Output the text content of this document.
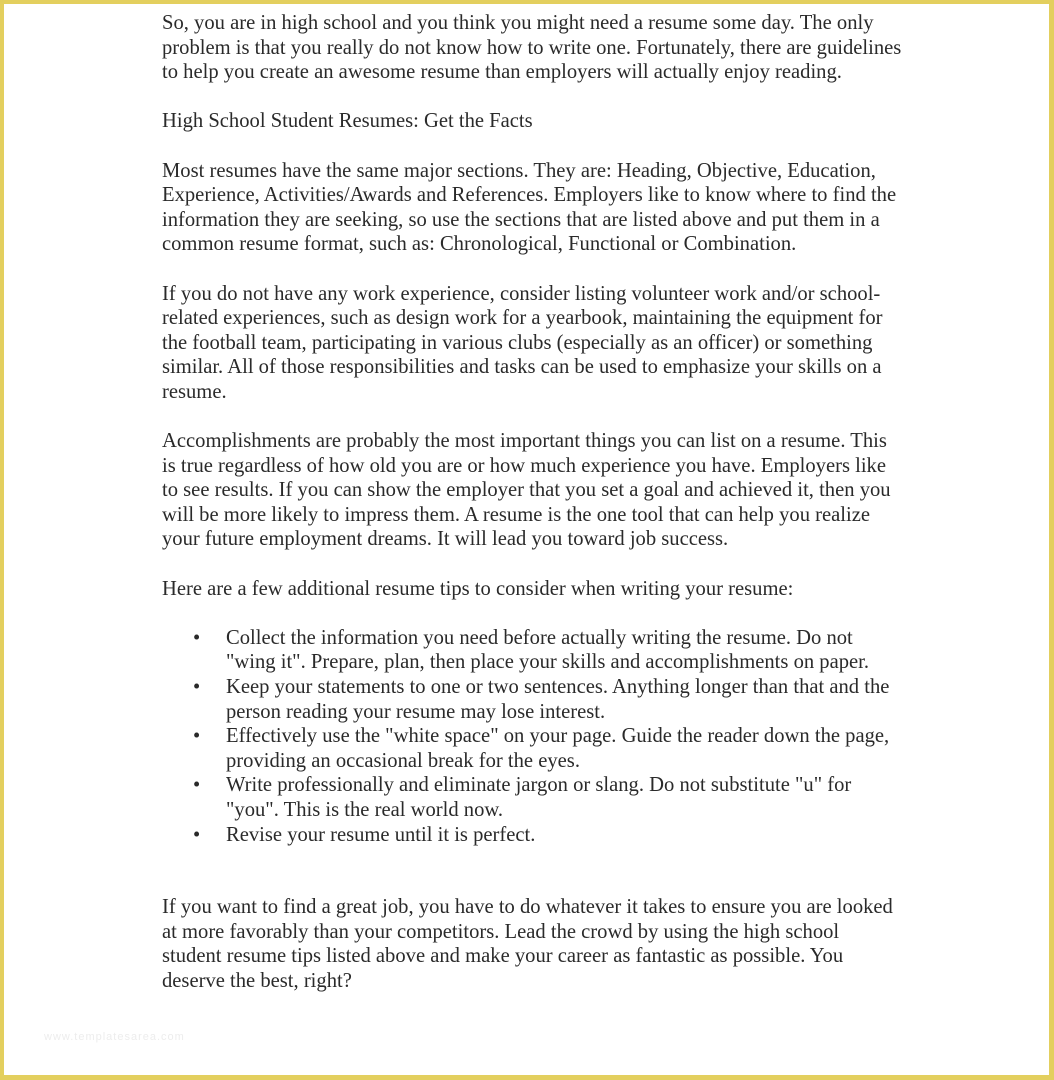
So, you are in high school and you think you might need a resume some day. The only problem is that you really do not know how to write one. Fortunately, there are guidelines to help you create an awesome resume than employers will actually enjoy reading.

High School Student Resumes: Get the Facts

Most resumes have the same major sections. They are: Heading, Objective, Education, Experience, Activities/Awards and References. Employers like to know where to find the information they are seeking, so use the sections that are listed above and put them in a common resume format, such as: Chronological, Functional or Combination.

If you do not have any work experience, consider listing volunteer work and/or school-related experiences, such as design work for a yearbook, maintaining the equipment for the football team, participating in various clubs (especially as an officer) or something similar. All of those responsibilities and tasks can be used to emphasize your skills on a resume.

Accomplishments are probably the most important things you can list on a resume. This is true regardless of how old you are or how much experience you have. Employers like to see results. If you can show the employer that you set a goal and achieved it, then you will be more likely to impress them. A resume is the one tool that can help you realize your future employment dreams. It will lead you toward job success.

Here are a few additional resume tips to consider when writing your resume:

• Collect the information you need before actually writing the resume. Do not "wing it". Prepare, plan, then place your skills and accomplishments on paper.
• Keep your statements to one or two sentences. Anything longer than that and the person reading your resume may lose interest.
• Effectively use the "white space" on your page. Guide the reader down the page, providing an occasional break for the eyes.
• Write professionally and eliminate jargon or slang. Do not substitute "u" for "you". This is the real world now.
• Revise your resume until it is perfect.

If you want to find a great job, you have to do whatever it takes to ensure you are looked at more favorably than your competitors. Lead the crowd by using the high school student resume tips listed above and make your career as fantastic as possible. You deserve the best, right?

www.templatesarea.com
